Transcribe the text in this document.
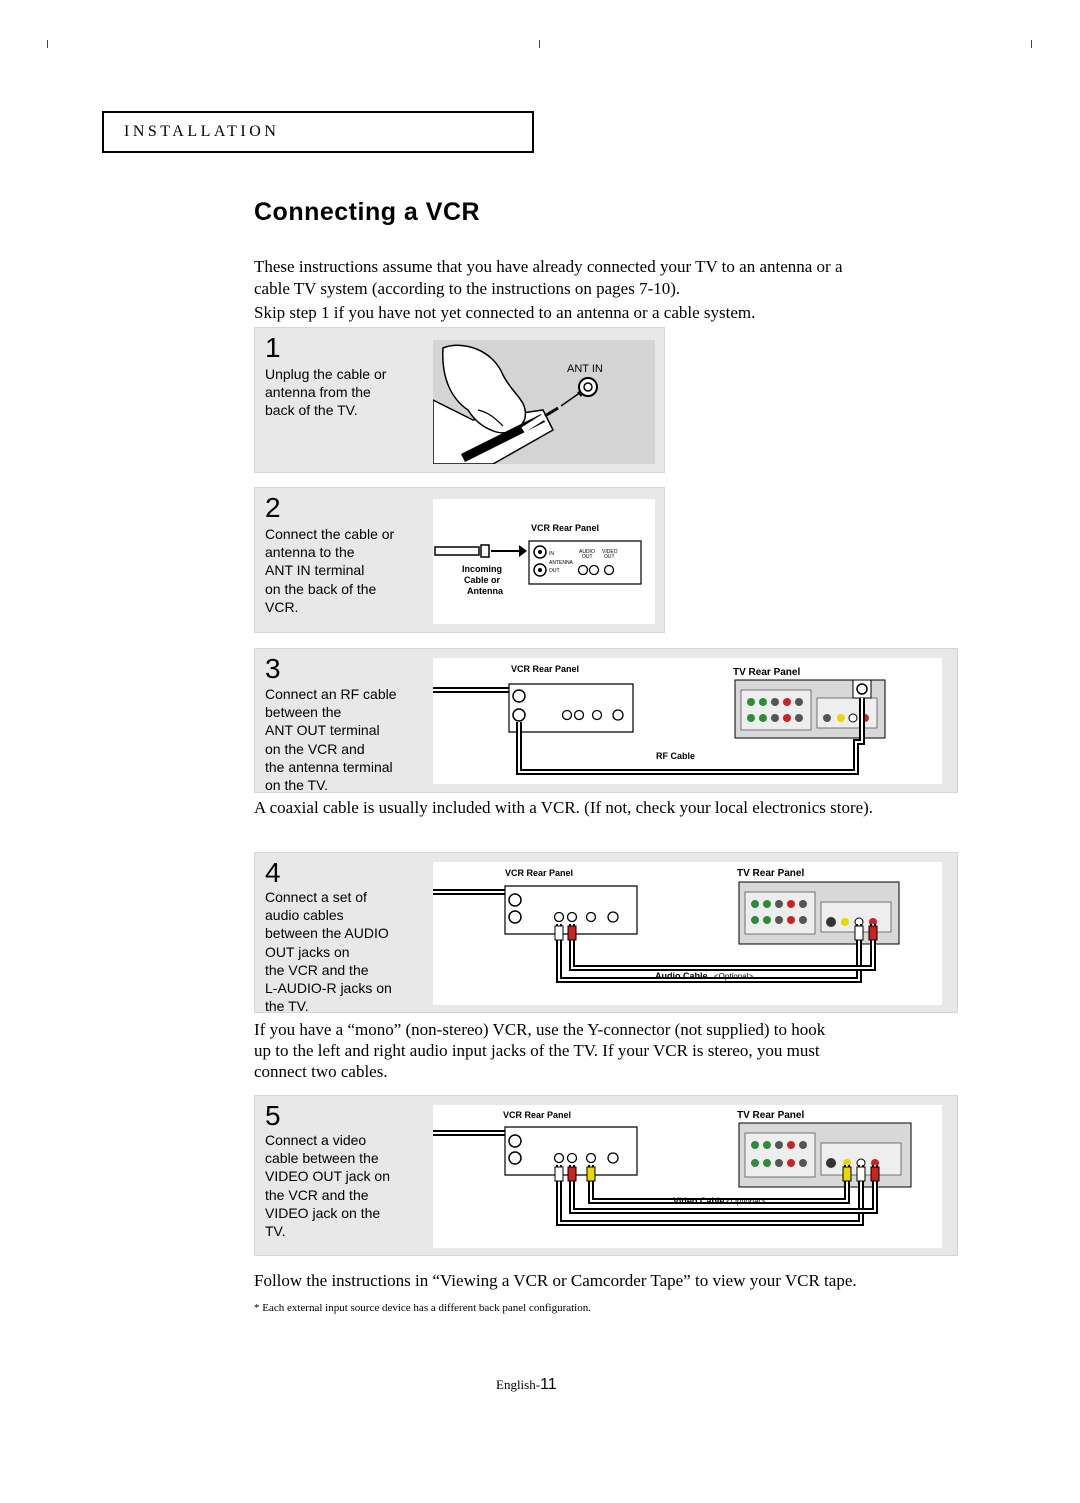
INSTALLATION
Connecting a VCR
These instructions assume that you have already connected your TV to an antenna or a
cable TV system (according to the instructions on pages 7-10).
Skip step 1 if you have not yet connected to an antenna or a cable system.
1
Unplug the cable or
antenna from the
back of the TV.
ANT IN
2
Connect the cable or
antenna to the
ANT IN terminal
on the back of the
VCR.
VCR Rear Panel
IN
ANTENNA
OUT
AUDIO VIDEO
OUT OUT
Incoming
Cable or
Antenna
3
Connect an RF cable
between the
ANT OUT terminal
on the VCR and
the antenna terminal
on the TV.
VCR Rear Panel	TV Rear Panel
RF Cable
A coaxial cable is usually included with a VCR. (If not, check your local electronics store).
4
Connect a set of
audio cables
between the AUDIO
OUT jacks on
the VCR and the
L-AUDIO-R jacks on
the TV.
VCR Rear Panel	TV Rear Panel
Audio Cable <Optional>
If you have a “mono” (non-stereo) VCR, use the Y-connector (not supplied) to hook
up to the left and right audio input jacks of the TV. If your VCR is stereo, you must
connect two cables.
5
Connect a video
cable between the
VIDEO OUT jack on
the VCR and the
VIDEO jack on the
TV.
VCR Rear Panel	TV Rear Panel
Video Cable <Optional>
Follow the instructions in “Viewing a VCR or Camcorder Tape” to view your VCR tape.
* Each external input source device has a different back panel configuration.
English-11
